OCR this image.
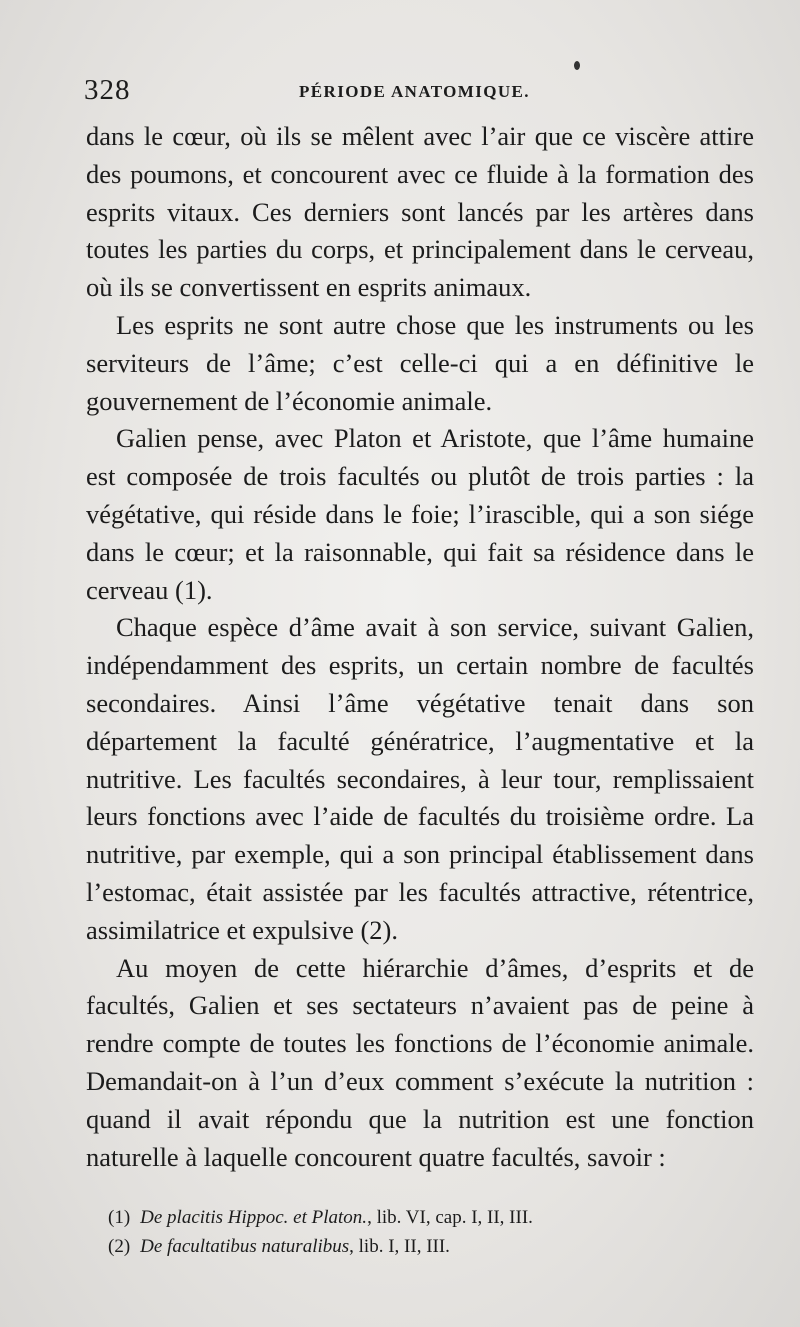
328	PÉRIODE ANATOMIQUE.

dans le cœur, où ils se mêlent avec l’air que ce viscère attire des poumons, et concourent avec ce fluide à la formation des esprits vitaux. Ces derniers sont lancés par les artères dans toutes les parties du corps, et principalement dans le cerveau, où ils se convertissent en esprits animaux.

Les esprits ne sont autre chose que les instruments ou les serviteurs de l’âme; c’est celle-ci qui a en définitive le gouvernement de l’économie animale.

Galien pense, avec Platon et Aristote, que l’âme humaine est composée de trois facultés ou plutôt de trois parties : la végétative, qui réside dans le foie; l’irascible, qui a son siége dans le cœur; et la raisonnable, qui fait sa résidence dans le cerveau (1).

Chaque espèce d’âme avait à son service, suivant Galien, indépendamment des esprits, un certain nombre de facultés secondaires. Ainsi l’âme végétative tenait dans son département la faculté génératrice, l’augmentative et la nutritive. Les facultés secondaires, à leur tour, remplissaient leurs fonctions avec l’aide de facultés du troisième ordre. La nutritive, par exemple, qui a son principal établissement dans l’estomac, était assistée par les facultés attractive, rétentrice, assimilatrice et expulsive (2).

Au moyen de cette hiérarchie d’âmes, d’esprits et de facultés, Galien et ses sectateurs n’avaient pas de peine à rendre compte de toutes les fonctions de l’économie animale. Demandait-on à l’un d’eux comment s’exécute la nutrition : quand il avait répondu que la nutrition est une fonction naturelle à laquelle concourent quatre facultés, savoir :

(1) De placitis Hippoc. et Platon., lib. VI, cap. I, II, III.
(2) De facultatibus naturalibus, lib. I, II, III.
